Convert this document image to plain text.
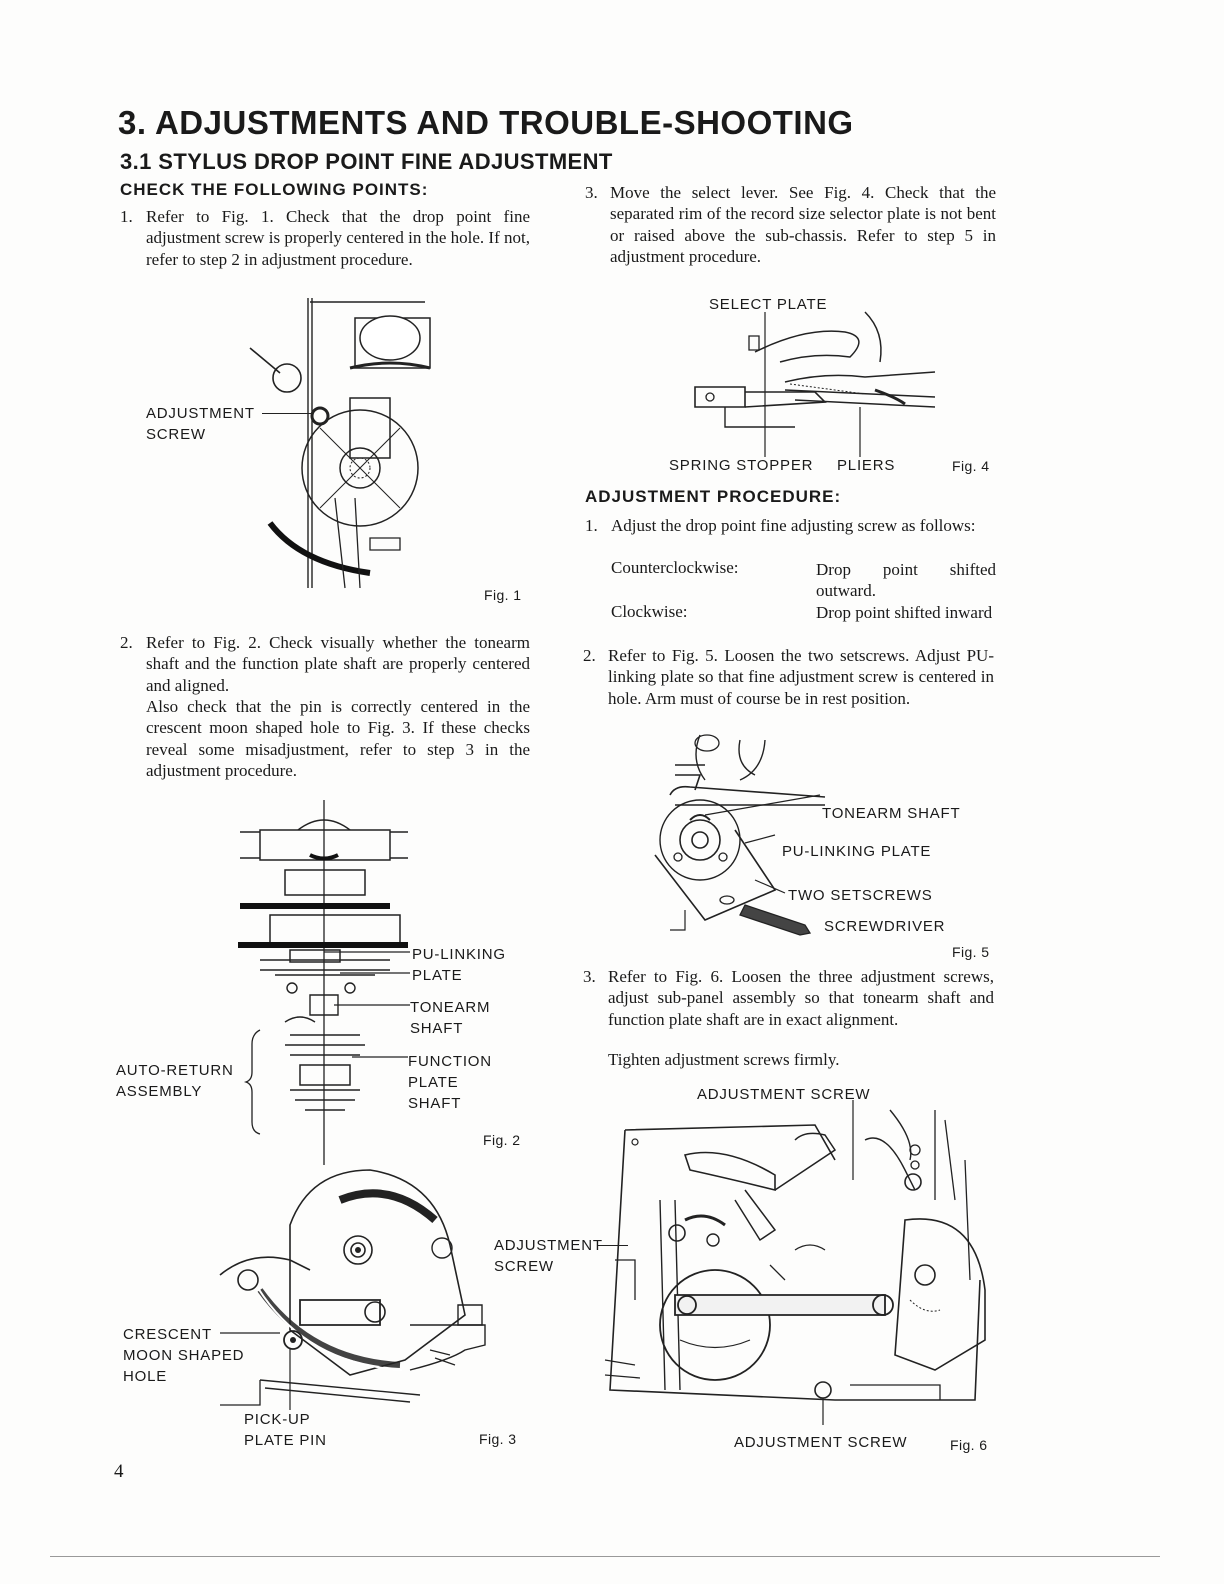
3. ADJUSTMENTS AND TROUBLE-SHOOTING
3.1 STYLUS DROP POINT FINE ADJUSTMENT
CHECK THE FOLLOWING POINTS:
1. Refer to Fig. 1. Check that the drop point fine adjustment screw is properly centered in the hole. If not, refer to step 2 in adjustment procedure.
ADJUSTMENT
SCREW
Fig. 1
2. Refer to Fig. 2. Check visually whether the tonearm shaft and the function plate shaft are properly centered and aligned.
Also check that the pin is correctly centered in the crescent moon shaped hole to Fig. 3. If these checks reveal some misadjustment, refer to step 3 in the adjustment procedure.
PU-LINKING
PLATE
TONEARM
SHAFT
FUNCTION
PLATE
SHAFT
AUTO-RETURN
ASSEMBLY
Fig. 2
CRESCENT
MOON SHAPED
HOLE
PICK-UP
PLATE PIN	Fig. 3
3. Move the select lever. See Fig. 4. Check that the separated rim of the record size selector plate is not bent or raised above the sub-chassis. Refer to step 5 in adjustment procedure.
SELECT PLATE
SPRING STOPPER PLIERS	Fig. 4
ADJUSTMENT PROCEDURE:
1. Adjust the drop point fine adjusting screw as follows:
Counterclockwise:	Drop point shifted outward.
Clockwise:	Drop point shifted inward
2. Refer to Fig. 5. Loosen the two setscrews. Adjust PU-linking plate so that fine adjustment screw is centered in hole. Arm must of course be in rest position.
TONEARM SHAFT
PU-LINKING PLATE
TWO SETSCREWS
SCREWDRIVER
Fig. 5
3. Refer to Fig. 6. Loosen the three adjustment screws, adjust sub-panel assembly so that tonearm shaft and function plate shaft are in exact alignment.
Tighten adjustment screws firmly.
ADJUSTMENT SCREW
ADJUSTMENT
SCREW
ADJUSTMENT SCREW	Fig. 6
4
